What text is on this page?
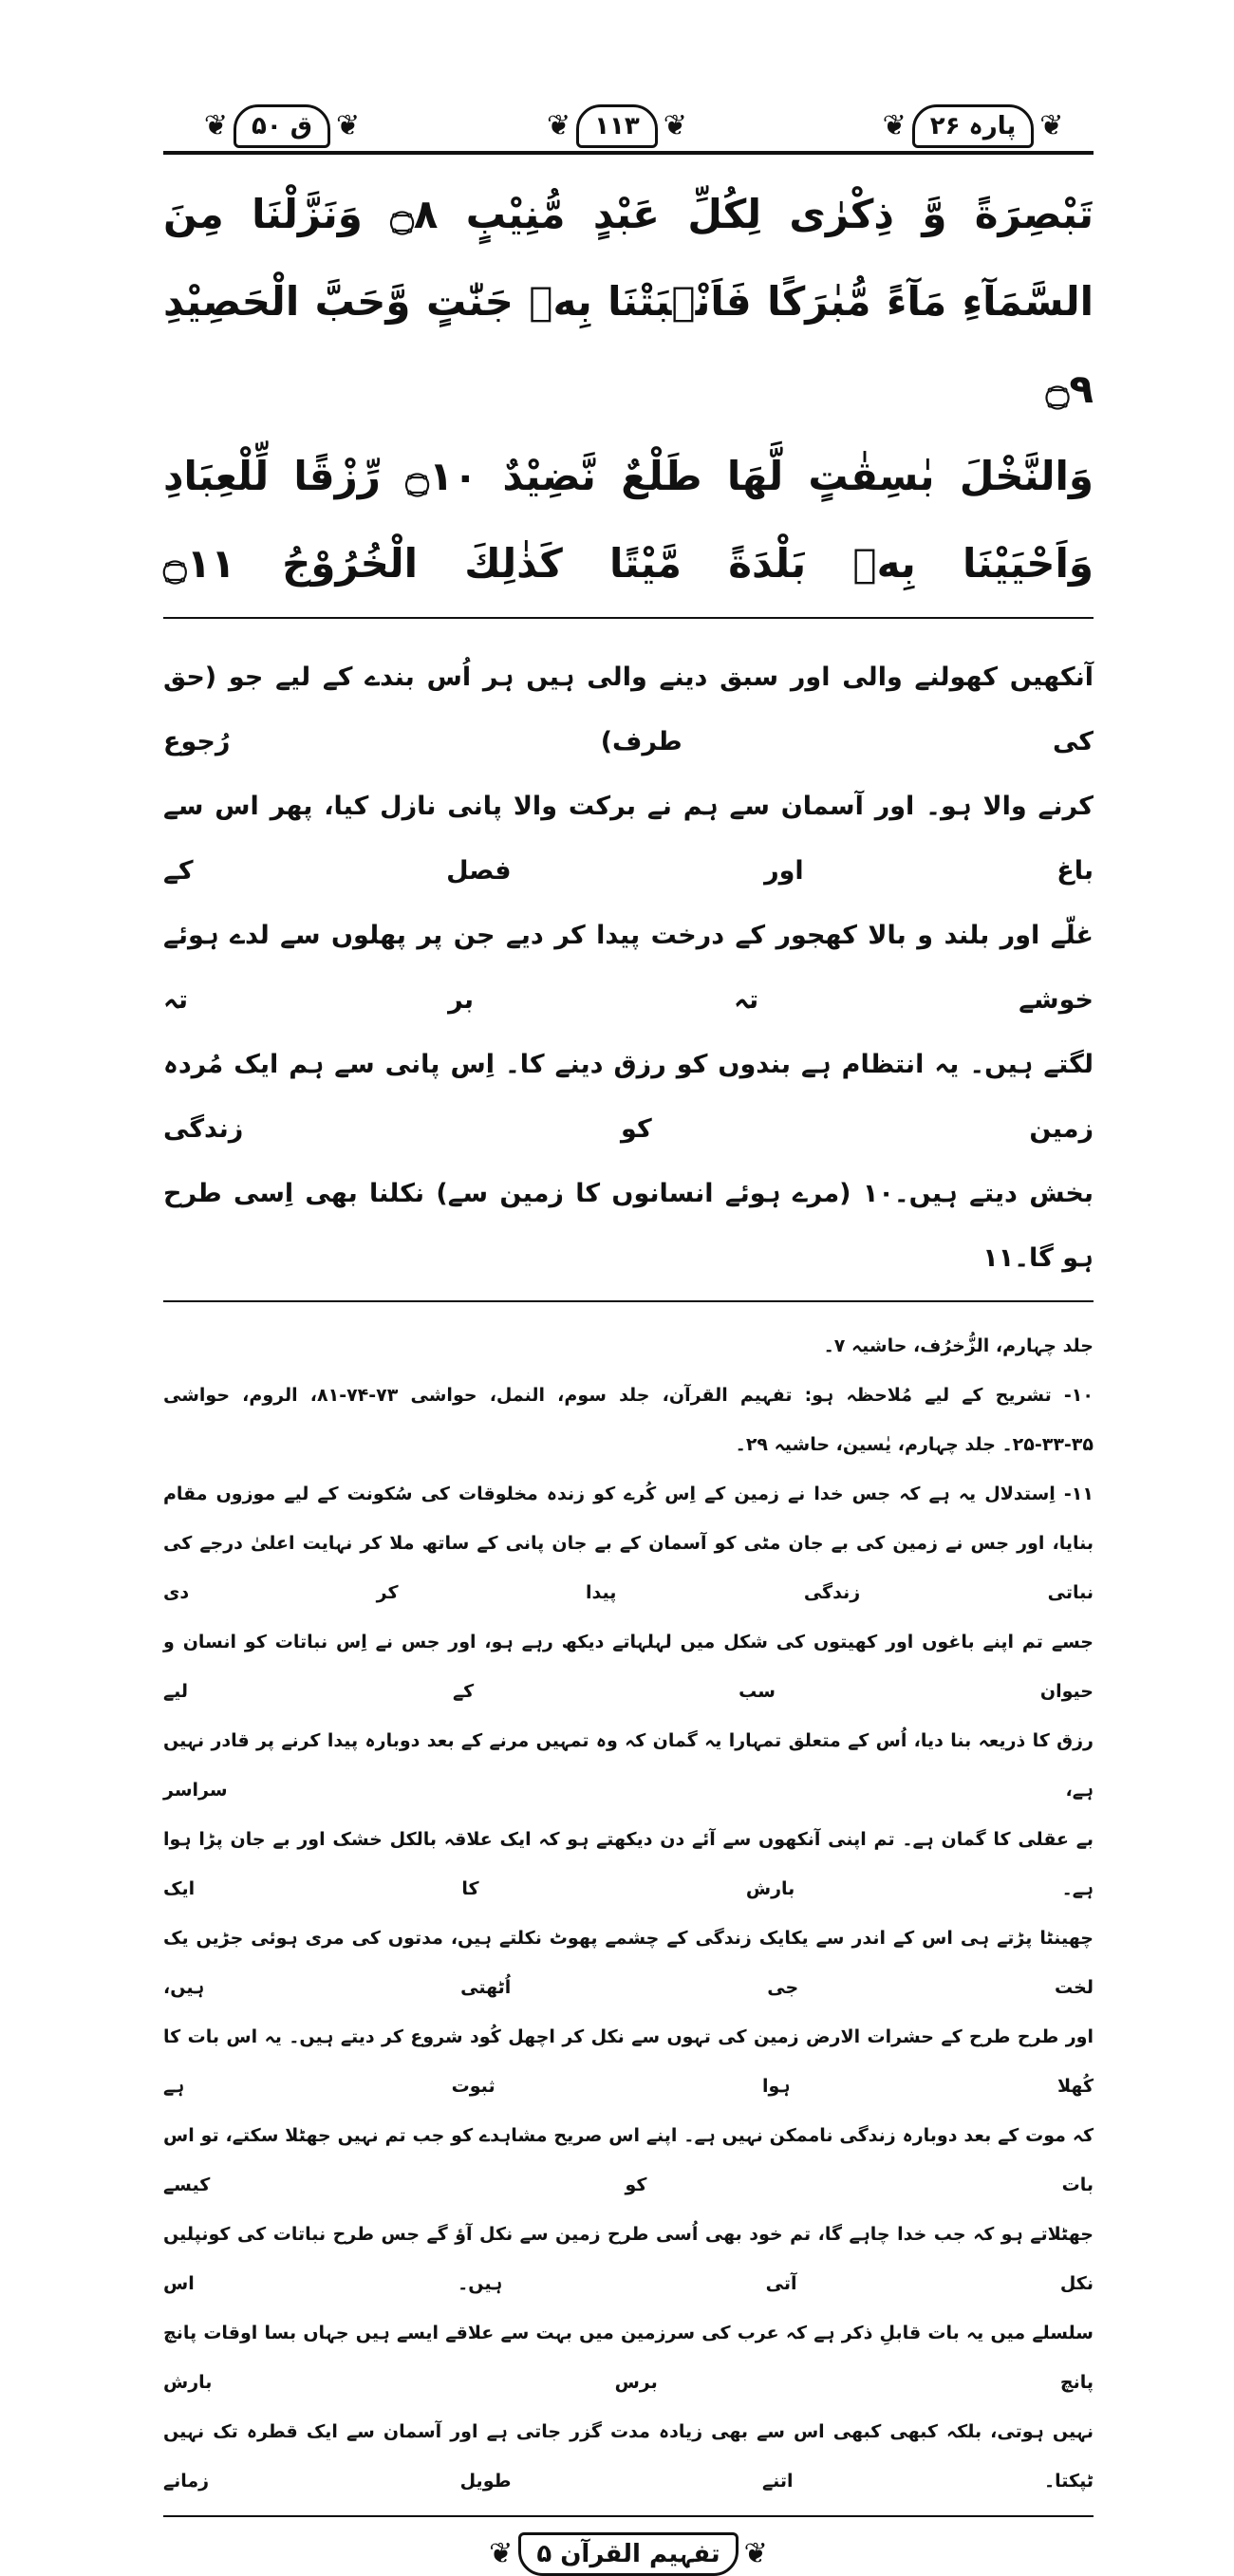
❦ ق ۵۰ ❦	❦ ۱۱۳ ❦	❦ پارہ ۲۶ ❦
تَبْصِرَةً وَّ ذِكْرٰى لِكُلِّ عَبْدٍ مُّنِيْبٍ ۝٨ وَنَزَّلْنَا مِنَ
السَّمَآءِ مَآءً مُّبٰرَكًا فَاَنْۢبَتْنَا بِهٖ جَنّٰتٍ وَّحَبَّ الْحَصِيْدِ ۝٩
وَالنَّخْلَ بٰسِقٰتٍ لَّهَا طَلْعٌ نَّضِيْدٌ ۝١٠ رِّزْقًا لِّلْعِبَادِ
وَاَحْيَيْنَا بِهٖ بَلْدَةً مَّيْتًا كَذٰلِكَ الْخُرُوْجُ ۝١١
آنکھیں کھولنے والی اور سبق دینے والی ہیں ہر اُس بندے کے لیے جو (حق کی طرف) رُجوع
کرنے والا ہو۔ اور آسمان سے ہم نے برکت والا پانی نازل کیا، پھر اس سے باغ اور فصل کے
غلّے اور بلند و بالا کھجور کے درخت پیدا کر دیے جن پر پھلوں سے لدے ہوئے خوشے تہ بر تہ
لگتے ہیں۔ یہ انتظام ہے بندوں کو رزق دینے کا۔ اِس پانی سے ہم ایک مُردہ زمین کو زندگی
بخش دیتے ہیں۔۱۰ (مرے ہوئے انسانوں کا زمین سے) نکلنا بھی اِسی طرح ہو گا۔۱۱
جلد چہارم، الزُّخرُف، حاشیہ ۷۔
۱۰- تشریح کے لیے مُلاحظہ ہو: تفہیم القرآن، جلد سوم، النمل، حواشی ۷۳-۷۴-۸۱، الروم، حواشی
۲۵-۳۳-۳۵۔ جلد چہارم، یٰسین، حاشیہ ۲۹۔
۱۱- اِستدلال یہ ہے کہ جس خدا نے زمین کے اِس کُرے کو زندہ مخلوقات کی سُکونت کے لیے موزوں مقام
بنایا، اور جس نے زمین کی بے جان مٹی کو آسمان کے بے جان پانی کے ساتھ ملا کر نہایت اعلیٰ درجے کی نباتی زندگی پیدا کر دی
جسے تم اپنے باغوں اور کھیتوں کی شکل میں لہلہاتے دیکھ رہے ہو، اور جس نے اِس نباتات کو انسان و حیوان سب کے لیے
رزق کا ذریعہ بنا دیا، اُس کے متعلق تمہارا یہ گمان کہ وہ تمہیں مرنے کے بعد دوبارہ پیدا کرنے پر قادر نہیں ہے، سراسر
بے عقلی کا گمان ہے۔ تم اپنی آنکھوں سے آئے دن دیکھتے ہو کہ ایک علاقہ بالکل خشک اور بے جان پڑا ہوا ہے۔ بارش کا ایک
چھینٹا پڑتے ہی اس کے اندر سے یکایک زندگی کے چشمے پھوٹ نکلتے ہیں، مدتوں کی مری ہوئی جڑیں یک لخت جی اُٹھتی ہیں،
اور طرح طرح کے حشرات الارض زمین کی تہوں سے نکل کر اچھل کُود شروع کر دیتے ہیں۔ یہ اس بات کا کُھلا ہوا ثبوت ہے
کہ موت کے بعد دوبارہ زندگی ناممکن نہیں ہے۔ اپنے اس صریح مشاہدے کو جب تم نہیں جھٹلا سکتے، تو اس بات کو کیسے
جھٹلاتے ہو کہ جب خدا چاہے گا، تم خود بھی اُسی طرح زمین سے نکل آؤ گے جس طرح نباتات کی کونپلیں نکل آتی ہیں۔ اس
سلسلے میں یہ بات قابلِ ذکر ہے کہ عرب کی سرزمین میں بہت سے علاقے ایسے ہیں جہاں بسا اوقات پانچ پانچ برس بارش
نہیں ہوتی، بلکہ کبھی کبھی اس سے بھی زیادہ مدت گزر جاتی ہے اور آسمان سے ایک قطرہ تک نہیں ٹپکتا۔ اتنے طویل زمانے
❦ تفہیم القرآن ۵ ❦
